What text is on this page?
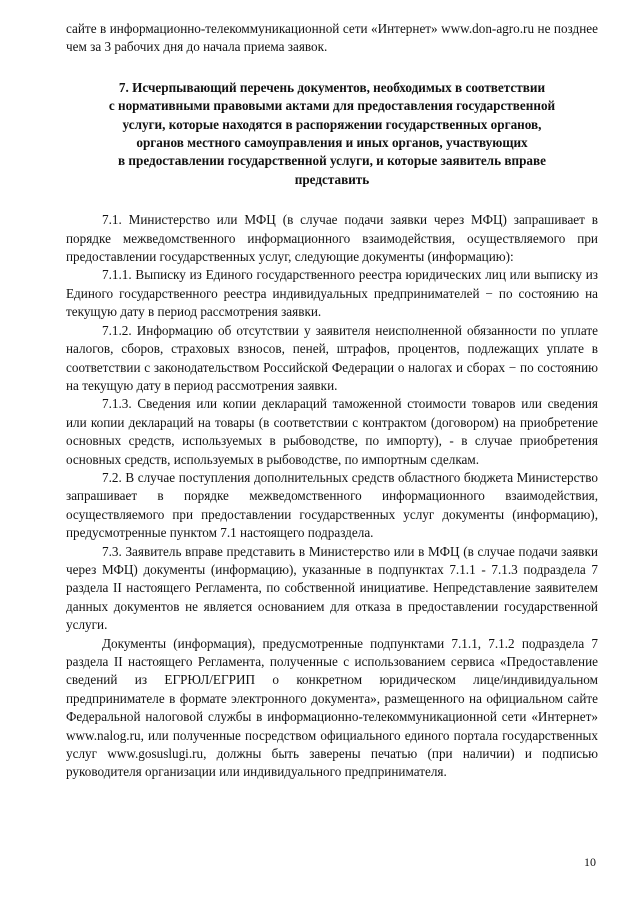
сайте в информационно-телекоммуникационной сети «Интернет» www.don-agro.ru не позднее чем за 3 рабочих дня до начала приема заявок.

7. Исчерпывающий перечень документов, необходимых в соответствии
с нормативными правовыми актами для предоставления государственной
услуги, которые находятся в распоряжении государственных органов,
органов местного самоуправления и иных органов, участвующих
в предоставлении государственной услуги, и которые заявитель вправе
представить

7.1. Министерство или МФЦ (в случае подачи заявки через МФЦ) запрашивает в порядке межведомственного информационного взаимодействия, осуществляемого при предоставлении государственных услуг, следующие документы (информацию):

7.1.1. Выписку из Единого государственного реестра юридических лиц или выписку из Единого государственного реестра индивидуальных предпринимателей − по состоянию на текущую дату в период рассмотрения заявки.

7.1.2. Информацию об отсутствии у заявителя неисполненной обязанности по уплате налогов, сборов, страховых взносов, пеней, штрафов, процентов, подлежащих уплате в соответствии с законодательством Российской Федерации о налогах и сборах − по состоянию на текущую дату в период рассмотрения заявки.

7.1.3. Сведения или копии деклараций таможенной стоимости товаров или сведения или копии деклараций на товары (в соответствии с контрактом (договором) на приобретение основных средств, используемых в рыбоводстве, по импорту), - в случае приобретения основных средств, используемых в рыбоводстве, по импортным сделкам.

7.2. В случае поступления дополнительных средств областного бюджета Министерство запрашивает в порядке межведомственного информационного взаимодействия, осуществляемого при предоставлении государственных услуг документы (информацию), предусмотренные пунктом 7.1 настоящего подраздела.

7.3. Заявитель вправе представить в Министерство или в МФЦ (в случае подачи заявки через МФЦ) документы (информацию), указанные в подпунктах 7.1.1 - 7.1.3 подраздела 7 раздела II настоящего Регламента, по собственной инициативе. Непредставление заявителем данных документов не является основанием для отказа в предоставлении государственной услуги.

Документы (информация), предусмотренные подпунктами 7.1.1, 7.1.2 подраздела 7 раздела II настоящего Регламента, полученные с использованием сервиса «Предоставление сведений из ЕГРЮЛ/ЕГРИП о конкретном юридическом лице/индивидуальном предпринимателе в формате электронного документа», размещенного на официальном сайте Федеральной налоговой службы в информационно-телекоммуникационной сети «Интернет» www.nalog.ru, или полученные посредством официального единого портала государственных услуг www.gosuslugi.ru, должны быть заверены печатью (при наличии) и подписью руководителя организации или индивидуального предпринимателя.

10
